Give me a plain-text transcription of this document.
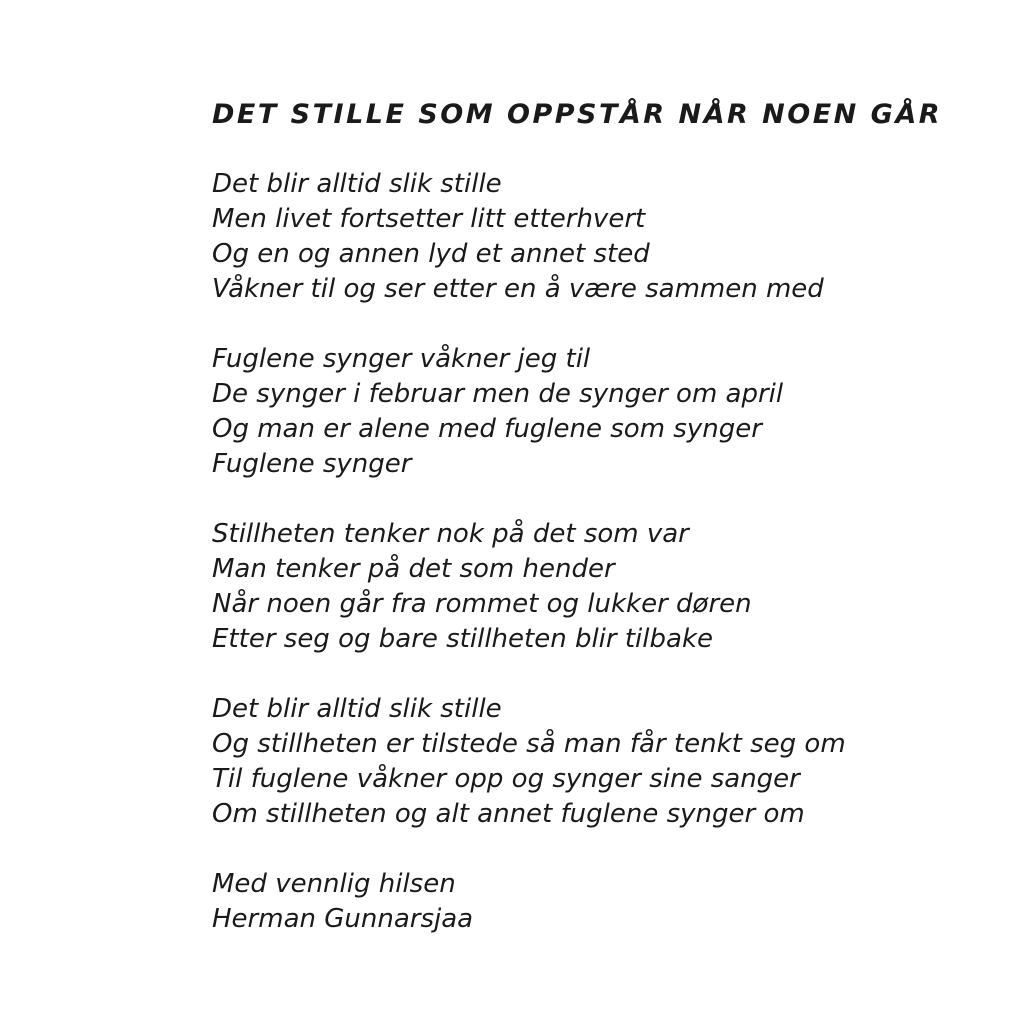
DET STILLE SOM OPPSTÅR NÅR NOEN GÅR

Det blir alltid slik stille

Men livet fortsetter litt etterhvert

Og en og annen lyd et annet sted

Våkner til og ser etter en å være sammen med

Fuglene synger våkner jeg til

De synger i februar men de synger om april

Og man er alene med fuglene som synger

Fuglene synger

Stillheten tenker nok på det som var

Man tenker på det som hender

Når noen går fra rommet og lukker døren

Etter seg og bare stillheten blir tilbake

Det blir alltid slik stille

Og stillheten er tilstede så man får tenkt seg om

Til fuglene våkner opp og synger sine sanger

Om stillheten og alt annet fuglene synger om

Med vennlig hilsen

Herman Gunnarsjaa
